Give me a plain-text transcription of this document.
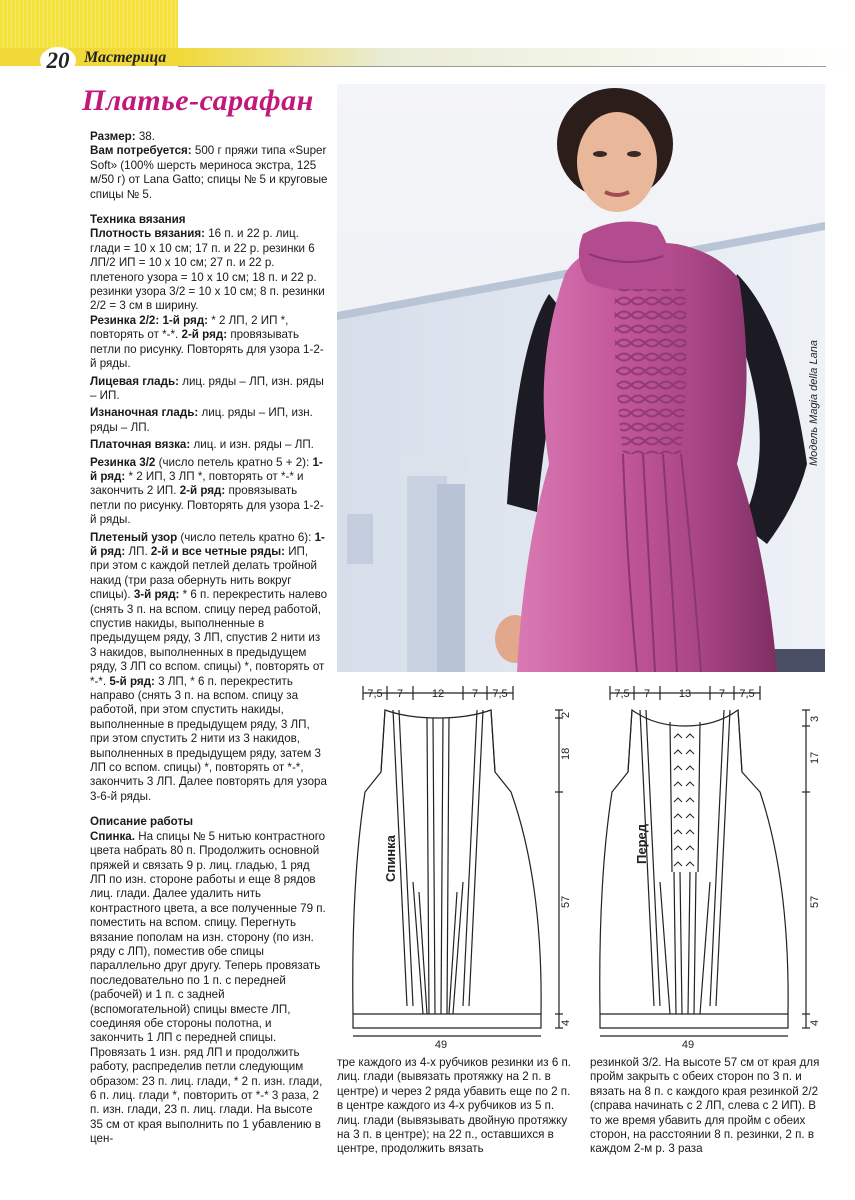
20 Мастерица
Платье-сарафан

Размер: 38.

Вам потребуется: 500 г пряжи типа «Super Soft» (100% шерсть мериноса экстра, 125 м/50 г) от Lana Gatto; спицы № 5 и круговые спицы № 5.

Техника вязания

Плотность вязания: 16 п. и 22 р. лиц. глади = 10 х 10 см; 17 п. и 22 р. резинки 6 ЛП/2 ИП = 10 х 10 см; 27 п. и 22 р. плетеного узора = 10 х 10 см; 18 п. и 22 р. резинки узора 3/2 = 10 х 10 см; 8 п. резинки 2/2 = 3 см в ширину.

Резинка 2/2: 1-й ряд: * 2 ЛП, 2 ИП *, повторять от *-*. 2-й ряд: провязывать петли по рисунку. Повторять для узора 1-2-й ряды.

Лицевая гладь: лиц. ряды – ЛП, изн. ряды – ИП.

Изнаночная гладь: лиц. ряды – ИП, изн. ряды – ЛП.

Платочная вязка: лиц. и изн. ряды – ЛП.

Резинка 3/2 (число петель кратно 5 + 2): 1-й ряд: * 2 ИП, 3 ЛП *, повторять от *-* и закончить 2 ИП. 2-й ряд: провязывать петли по рисунку. Повторять для узора 1-2-й ряды.

Плетеный узор (число петель кратно 6): 1-й ряд: ЛП. 2-й и все четные ряды: ИП, при этом с каждой петлей делать тройной накид (три раза обернуть нить вокруг спицы). 3-й ряд: * 6 п. перекрестить налево (снять 3 п. на вспом. спицу перед работой, спустив накиды, выполненные в предыдущем ряду, 3 ЛП, спустив 2 нити из 3 накидов, выполненных в предыдущем ряду, 3 ЛП со вспом. спицы) *, повторять от *-*. 5-й ряд: 3 ЛП, * 6 п. перекрестить направо (снять 3 п. на вспом. спицу за работой, при этом спустить накиды, выполненные в предыдущем ряду, 3 ЛП, при этом спустить 2 нити из 3 накидов, выполненных в предыдущем ряду, затем 3 ЛП со вспом. спицы) *, повторять от *-*, закончить 3 ЛП. Далее повторять для узора 3-6-й ряды.

Описание работы

Спинка. На спицы № 5 нитью контрастного цвета набрать 80 п. Продолжить основной пряжей и связать 9 р. лиц. гладью, 1 ряд ЛП по изн. стороне работы и еще 8 рядов лиц. глади. Далее удалить нить контрастного цвета, а все полученные 79 п. поместить на вспом. спицу. Перегнуть вязание пополам на изн. сторону (по изн. ряду с ЛП), поместив обе спицы параллельно друг другу. Теперь провязать последовательно по 1 п. с передней (рабочей) и 1 п. с задней (вспомогательной) спицы вместе ЛП, соединяя обе стороны полотна, и закончить 1 ЛП с передней спицы. Провязать 1 изн. ряд ЛП и продолжить работу, распределив петли следующим образом: 23 п. лиц. глади, * 2 п. изн. глади, 6 п. лиц. глади *, повторить от *-* 3 раза, 2 п. изн. глади, 23 п. лиц. глади. На высоте 35 см от края выполнить по 1 убавлению в цен-

Модель Magia della Lana
7,5 7	12	7 7,5
2
18
57
4
49
Спинка
7,5 7	13	7 7,5
3
17
57
4
49
Перед

тре каждого из 4-х рубчиков резинки из 6 п. лиц. глади (вывязать протяжку на 2 п. в центре) и через 2 ряда убавить еще по 2 п. в центре каждого из 4-х рубчиков из 5 п. лиц. глади (вывязывать двойную протяжку на 3 п. в центре); на 22 п., оставшихся в центре, продолжить вязать

резинкой 3/2. На высоте 57 см от края для пройм закрыть с обеих сторон по 3 п. и вязать на 8 п. с каждого края резинкой 2/2 (справа начинать с 2 ЛП, слева с 2 ИП). В то же время убавить для пройм с обеих сторон, на расстоянии 8 п. резинки, 2 п. в каждом 2-м р. 3 раза
